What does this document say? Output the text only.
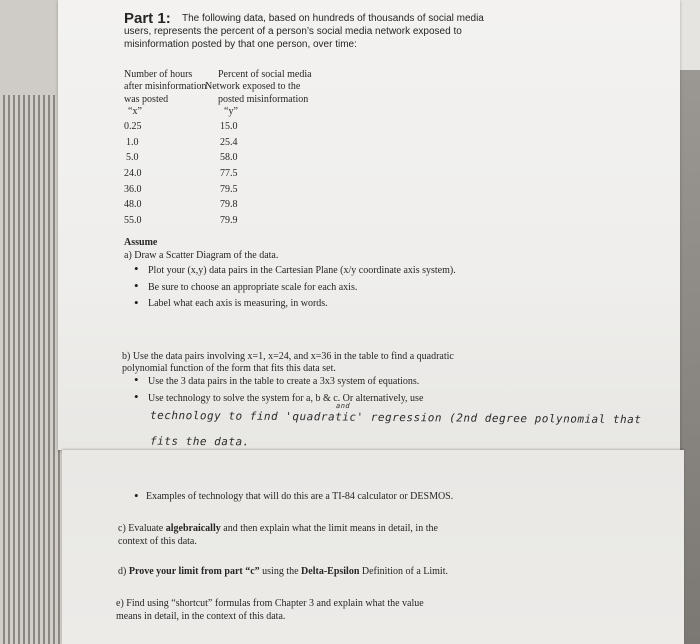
Part 1: The following data, based on hundreds of thousands of social media
users, represents the percent of a person’s social media network exposed to
misinformation posted by that one person, over time:
Number of hours
after misinformation
was posted
“x”
Percent of social media
Network exposed to the
posted misinformation
“y”
0.25
1.0
5.0
24.0
36.0
48.0
55.0
15.0
25.4
58.0
77.5
79.5
79.8
79.9
Assume
a) Draw a Scatter Diagram of the data.
• Plot your (x,y) data pairs in the Cartesian Plane (x/y coordinate axis system).
• Be sure to choose an appropriate scale for each axis.
• Label what each axis is measuring, in words.
b) Use the data pairs involving x=1, x=24, and x=36 in the table to find a quadratic
polynomial function of the form that fits this data set.
• Use the 3 data pairs in the table to create a 3x3 system of equations.
• Use technology to solve the system for a, b & c. Or alternatively, use
and
technology to find 'quadratic' regression (2nd degree polynomial that
fits the data.
• Examples of technology that will do this are a TI-84 calculator or DESMOS.
c) Evaluate algebraically and then explain what the limit means in detail, in the
context of this data.
d) Prove your limit from part “c” using the Delta-Epsilon Definition of a Limit.
e) Find using “shortcut” formulas from Chapter 3 and explain what the value
means in detail, in the context of this data.
